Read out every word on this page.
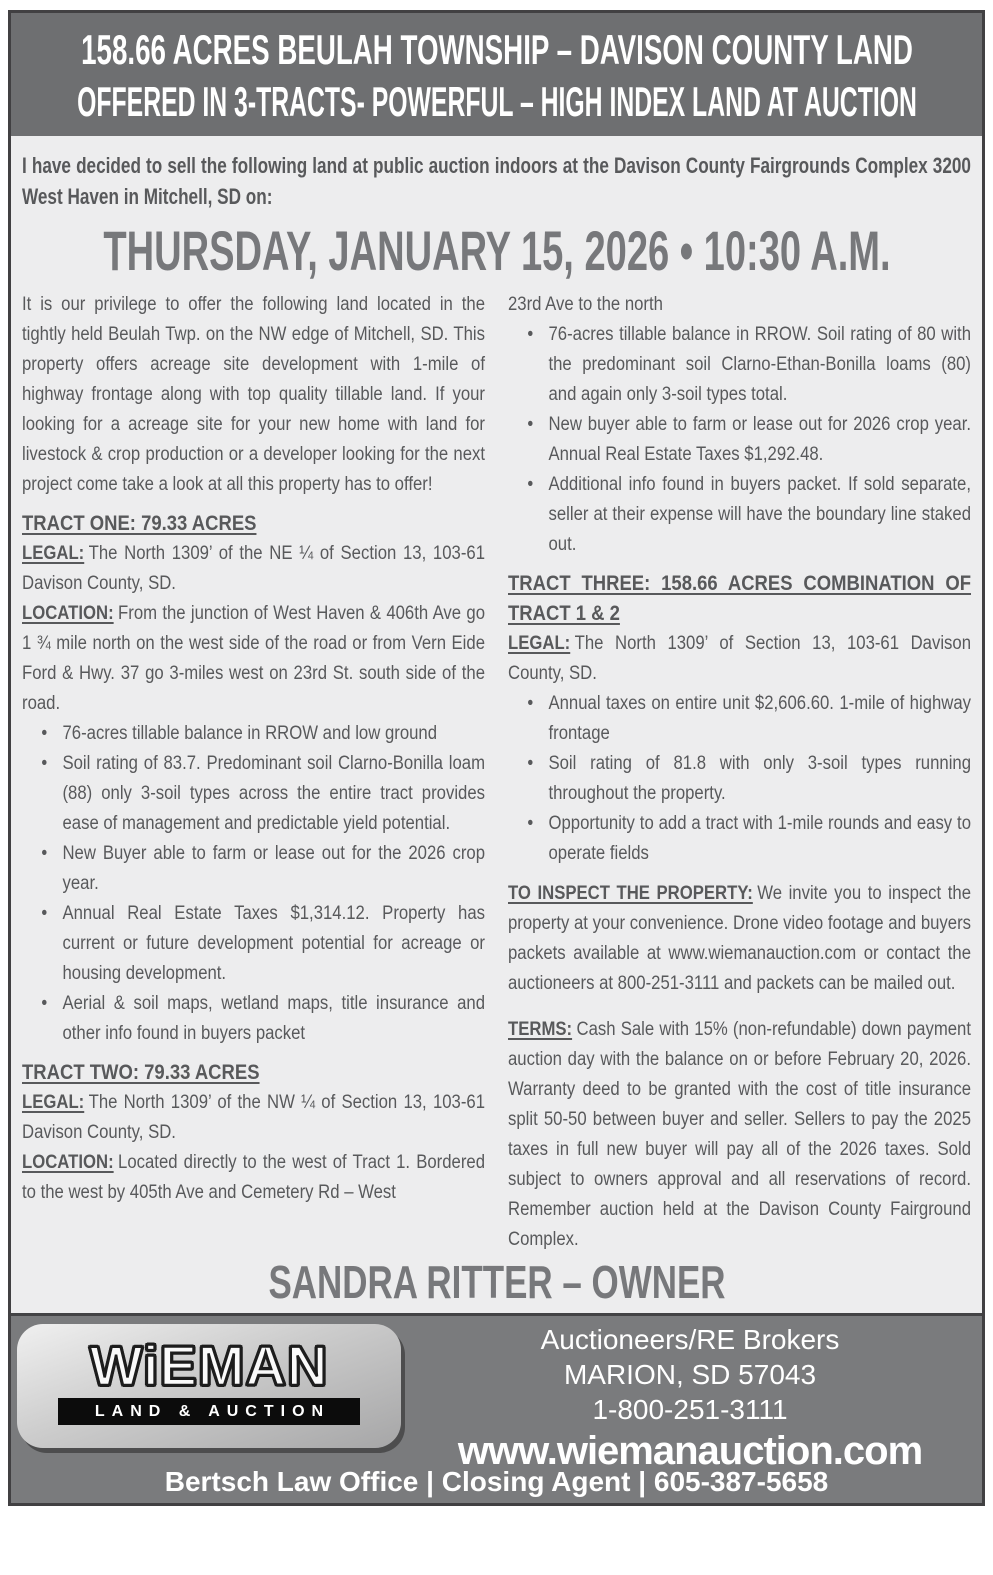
158.66 ACRES BEULAH TOWNSHIP – DAVISON COUNTY LAND
OFFERED IN 3-TRACTS- POWERFUL – HIGH INDEX LAND AT AUCTION
I have decided to sell the following land at public auction indoors at the Davison County Fairgrounds Complex 3200 West Haven in Mitchell, SD on:
THURSDAY, JANUARY 15, 2026 • 10:30 A.M.

It is our privilege to offer the following land located in the tightly held Beulah Twp. on the NW edge of Mitchell, SD. This property offers acreage site development with 1-mile of highway frontage along with top quality tillable land. If your looking for a acreage site for your new home with land for livestock & crop production or a developer looking for the next project come take a look at all this property has to offer!

TRACT ONE: 79.33 ACRES

LEGAL: The North 1309’ of the NE ¼ of Section 13, 103-61 Davison County, SD.

LOCATION: From the junction of West Haven & 406th Ave go 1 ¾ mile north on the west side of the road or from Vern Eide Ford & Hwy. 37 go 3-miles west on 23rd St. south side of the road.

• 76-acres tillable balance in RROW and low ground
• Soil rating of 83.7. Predominant soil Clarno-Bonilla loam (88) only 3-soil types across the entire tract provides ease of management and predictable yield potential.
• New Buyer able to farm or lease out for the 2026 crop year.
• Annual Real Estate Taxes $1,314.12. Property has current or future development potential for acreage or housing development.
• Aerial & soil maps, wetland maps, title insurance and other info found in buyers packet
TRACT TWO: 79.33 ACRES

LEGAL: The North 1309’ of the NW ¼ of Section 13, 103-61 Davison County, SD.

LOCATION: Located directly to the west of Tract 1. Bordered to the west by 405th Ave and Cemetery Rd – West

23rd Ave to the north

• 76-acres tillable balance in RROW. Soil rating of 80 with the predominant soil Clarno-Ethan-Bonilla loams (80) and again only 3-soil types total.
• New buyer able to farm or lease out for 2026 crop year. Annual Real Estate Taxes $1,292.48.
• Additional info found in buyers packet. If sold separate, seller at their expense will have the boundary line staked out.
TRACT THREE: 158.66 ACRES COMBINATION OF TRACT 1 & 2

LEGAL: The North 1309’ of Section 13, 103-61 Davison County, SD.

• Annual taxes on entire unit $2,606.60. 1-mile of highway frontage
• Soil rating of 81.8 with only 3-soil types running throughout the property.
• Opportunity to add a tract with 1-mile rounds and easy to operate fields

TO INSPECT THE PROPERTY: We invite you to inspect the property at your convenience. Drone video footage and buyers packets available at www.wiemanauction.com or contact the auctioneers at 800-251-3111 and packets can be mailed out.

TERMS: Cash Sale with 15% (non-refundable) down payment auction day with the balance on or before February 20, 2026. Warranty deed to be granted with the cost of title insurance split 50-50 between buyer and seller. Sellers to pay the 2025 taxes in full new buyer will pay all of the 2026 taxes. Sold subject to owners approval and all reservations of record. Remember auction held at the Davison County Fairground Complex.

SANDRA RITTER – OWNER
WiEMAN
LAND & AUCTION
Auctioneers/RE Brokers
MARION, SD 57043
1-800-251-3111
www.wiemanauction.com
Bertsch Law Office | Closing Agent | 605-387-5658
